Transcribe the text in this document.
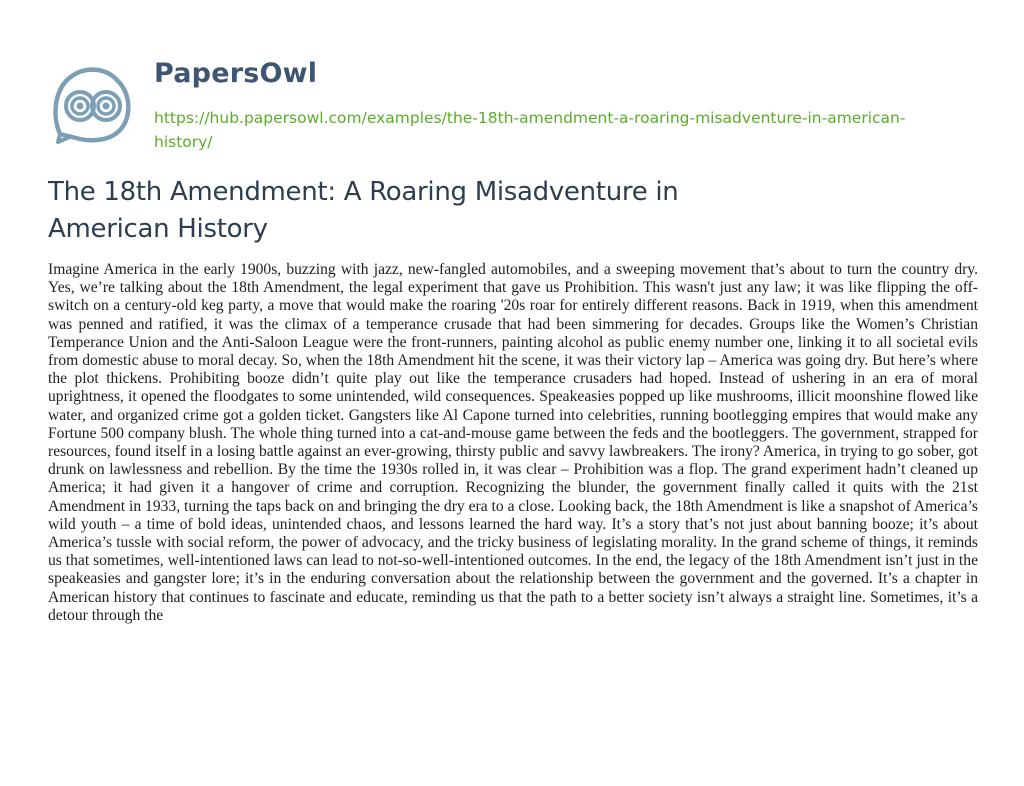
PapersOwl
https://hub.papersowl.com/examples/the-18th-amendment-a-roaring-misadventure-in-american-history/
The 18th Amendment: A Roaring Misadventure in American History

Imagine America in the early 1900s, buzzing with jazz, new-fangled automobiles, and a sweeping movement that’s about to turn the country dry. Yes, we’re talking about the 18th Amendment, the legal experiment that gave us Prohibition. This wasn't just any law; it was like flipping the off-switch on a century-old keg party, a move that would make the roaring '20s roar for entirely different reasons. Back in 1919, when this amendment was penned and ratified, it was the climax of a temperance crusade that had been simmering for decades. Groups like the Women’s Christian Temperance Union and the Anti-Saloon League were the front-runners, painting alcohol as public enemy number one, linking it to all societal evils from domestic abuse to moral decay. So, when the 18th Amendment hit the scene, it was their victory lap – America was going dry. But here’s where the plot thickens. Prohibiting booze didn’t quite play out like the temperance crusaders had hoped. Instead of ushering in an era of moral uprightness, it opened the floodgates to some unintended, wild consequences. Speakeasies popped up like mushrooms, illicit moonshine flowed like water, and organized crime got a golden ticket. Gangsters like Al Capone turned into celebrities, running bootlegging empires that would make any Fortune 500 company blush. The whole thing turned into a cat-and-mouse game between the feds and the bootleggers. The government, strapped for resources, found itself in a losing battle against an ever-growing, thirsty public and savvy lawbreakers. The irony? America, in trying to go sober, got drunk on lawlessness and rebellion. By the time the 1930s rolled in, it was clear – Prohibition was a flop. The grand experiment hadn’t cleaned up America; it had given it a hangover of crime and corruption. Recognizing the blunder, the government finally called it quits with the 21st Amendment in 1933, turning the taps back on and bringing the dry era to a close. Looking back, the 18th Amendment is like a snapshot of America’s wild youth – a time of bold ideas, unintended chaos, and lessons learned the hard way. It’s a story that’s not just about banning booze; it’s about America’s tussle with social reform, the power of advocacy, and the tricky business of legislating morality. In the grand scheme of things, it reminds us that sometimes, well-intentioned laws can lead to not-so-well-intentioned outcomes. In the end, the legacy of the 18th Amendment isn’t just in the speakeasies and gangster lore; it’s in the enduring conversation about the relationship between the government and the governed. It’s a chapter in American history that continues to fascinate and educate, reminding us that the path to a better society isn’t always a straight line. Sometimes, it’s a detour through the
